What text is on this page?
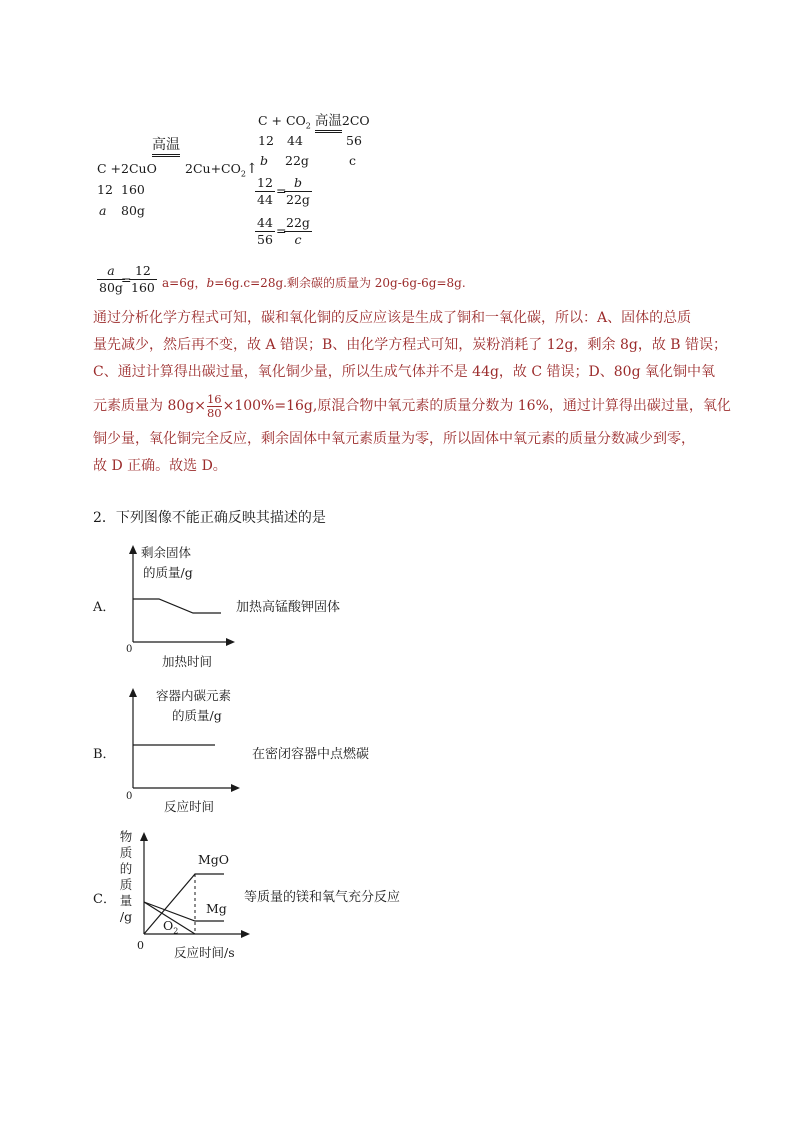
$C + CO_2$ 高温2CO
12 44	56
b 22g	c
$\frac{12}{44}$ =
$\frac{b}{22g}$
$\frac{44}{56}$ =
$\frac{22g}{c}$
高温
C +2CuO $2Cu+CO_2↑$
12 160
a 80g
$\frac{a}{80g}$
=
$\frac{12}{160} a=6g$，b=6g.c=28g.剩余碳的质量为 20g-6g-6g=8g.
通过分析化学方程式可知，碳和氧化铜的反应应该是生成了铜和一氧化碳，所以：A、固体的总质
量先减少，然后再不变，故 A 错误；B、由化学方程式可知，炭粉消耗了 12g，剩余 8g，故 B 错误；
C、通过计算得出碳过量，氧化铜少量，所以生成气体并不是 44g，故 C 错误；D、80g 氧化铜中氧
元素质量为 $80g\times \frac{16}{80} \times 100\%=16g$,原混合物中氧元素的质量分数为 16%，通过计算得出碳过量，氧化
铜少量，氧化铜完全反应，剩余固体中氧元素质量为零，所以固体中氧元素的质量分数减少到零，
故 D 正确。故选 D。
2．下列图像不能正确反映其描述的是
A．
剩余固体
的质量/g
0
加热时间
加热高锰酸钾固体
B．
容器内碳元素
的质量/g
0
反应时间
在密闭容器中点燃碳
C．
物
质
的
质
量
/g
MgO
Mg
$O_2$
0 反应时间/s
等质量的镁和氧气充分反应
